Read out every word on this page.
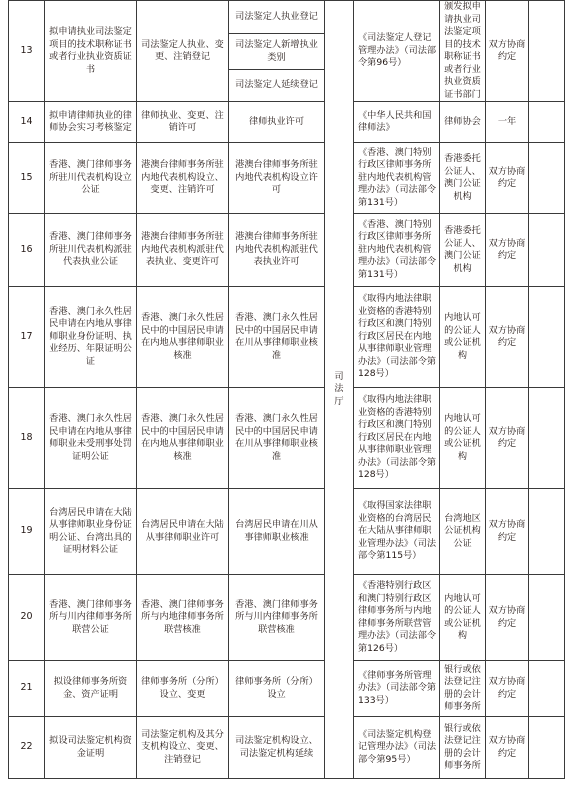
13	拟申请执业司法鉴定项目的技术职称证书或者行业执业资质证书	司法鉴定人执业、变更、注销登记	司法鉴定人执业登记	司法厅	《司法鉴定人登记管理办法》（司法部令第96号）	颁发拟申请执业司法鉴定项目的技术职称证书或者行业执业资质证书部门	双方协商约定	
			司法鉴定人新增执业类别					
			司法鉴定人延续登记					
14	拟申请律师执业的律师协会实习考核鉴定	律师执业、变更、注销许可	律师执业许可		《中华人民共和国律师法》	律师协会	一年	
15	香港、澳门律师事务所驻川代表机构设立公证	港澳台律师事务所驻内地代表机构设立、变更、注销许可	港澳台律师事务所驻内地代表机构设立许可		《香港、澳门特别行政区律师事务所驻内地代表机构管理办法》（司法部令第131号）	香港委托公证人、澳门公证机构	双方协商约定	
16	香港、澳门律师事务所驻川代表机构派驻代表执业公证	港澳台律师事务所驻内地代表机构派驻代表执业、变更许可	港澳台律师事务所驻内地代表机构派驻代表执业许可		《香港、澳门特别行政区律师事务所驻内地代表机构管理办法》（司法部令第131号）	香港委托公证人、澳门公证机构	双方协商约定	
17	香港、澳门永久性居民申请在内地从事律师职业身份证明、执业经历、年限证明公证	香港、澳门永久性居民中的中国居民申请在内地从事律师职业核准	香港、澳门永久性居民中的中国居民申请在川从事律师职业核准		《取得内地法律职业资格的香港特别行政区和澳门特别行政区居民在内地从事律师职业管理办法》（司法部令第128号）	内地认可的公证人或公证机构	双方协商约定	
18	香港、澳门永久性居民申请在内地从事律师职业未受刑事处罚证明公证	香港、澳门永久性居民中的中国居民申请在内地从事律师职业核准	香港、澳门永久性居民中的中国居民申请在川从事律师职业核准		《取得内地法律职业资格的香港特别行政区和澳门特别行政区居民在内地从事律师职业管理办法》（司法部令第128号）	内地认可的公证人或公证机构	双方协商约定	
19	台湾居民申请在大陆从事律师职业身份证明公证、台湾出具的证明材料公证	台湾居民申请在大陆从事律师职业许可	台湾居民申请在川从事律师职业核准		《取得国家法律职业资格的台湾居民在大陆从事律师职业管理办法》（司法部令第115号）	台湾地区公证机构公证	双方协商约定	
20	香港、澳门律师事务所与川内律师事务所联营公证	香港、澳门律师事务所与内地律师事务所联营核准	香港、澳门律师事务所与川内律师事务所联营核准		《香港特别行政区和澳门特别行政区律师事务所与内地律师事务所联营管理办法》（司法部令第126号）	内地认可的公证人或公证机构	双方协商约定	
21	拟设律师事务所资金、资产证明	律师事务所（分所）设立、变更	律师事务所（分所）设立		《律师事务所管理办法》（司法部令第133号）	银行或依法登记注册的会计师事务所	双方协商约定	
22	拟设司法鉴定机构资金证明	司法鉴定机构及其分支机构设立、变更、注销登记	司法鉴定机构设立、司法鉴定机构延续		《司法鉴定机构登记管理办法》（司法部令第95号）	银行或依法登记注册的会计师事务所	双方协商约定	
